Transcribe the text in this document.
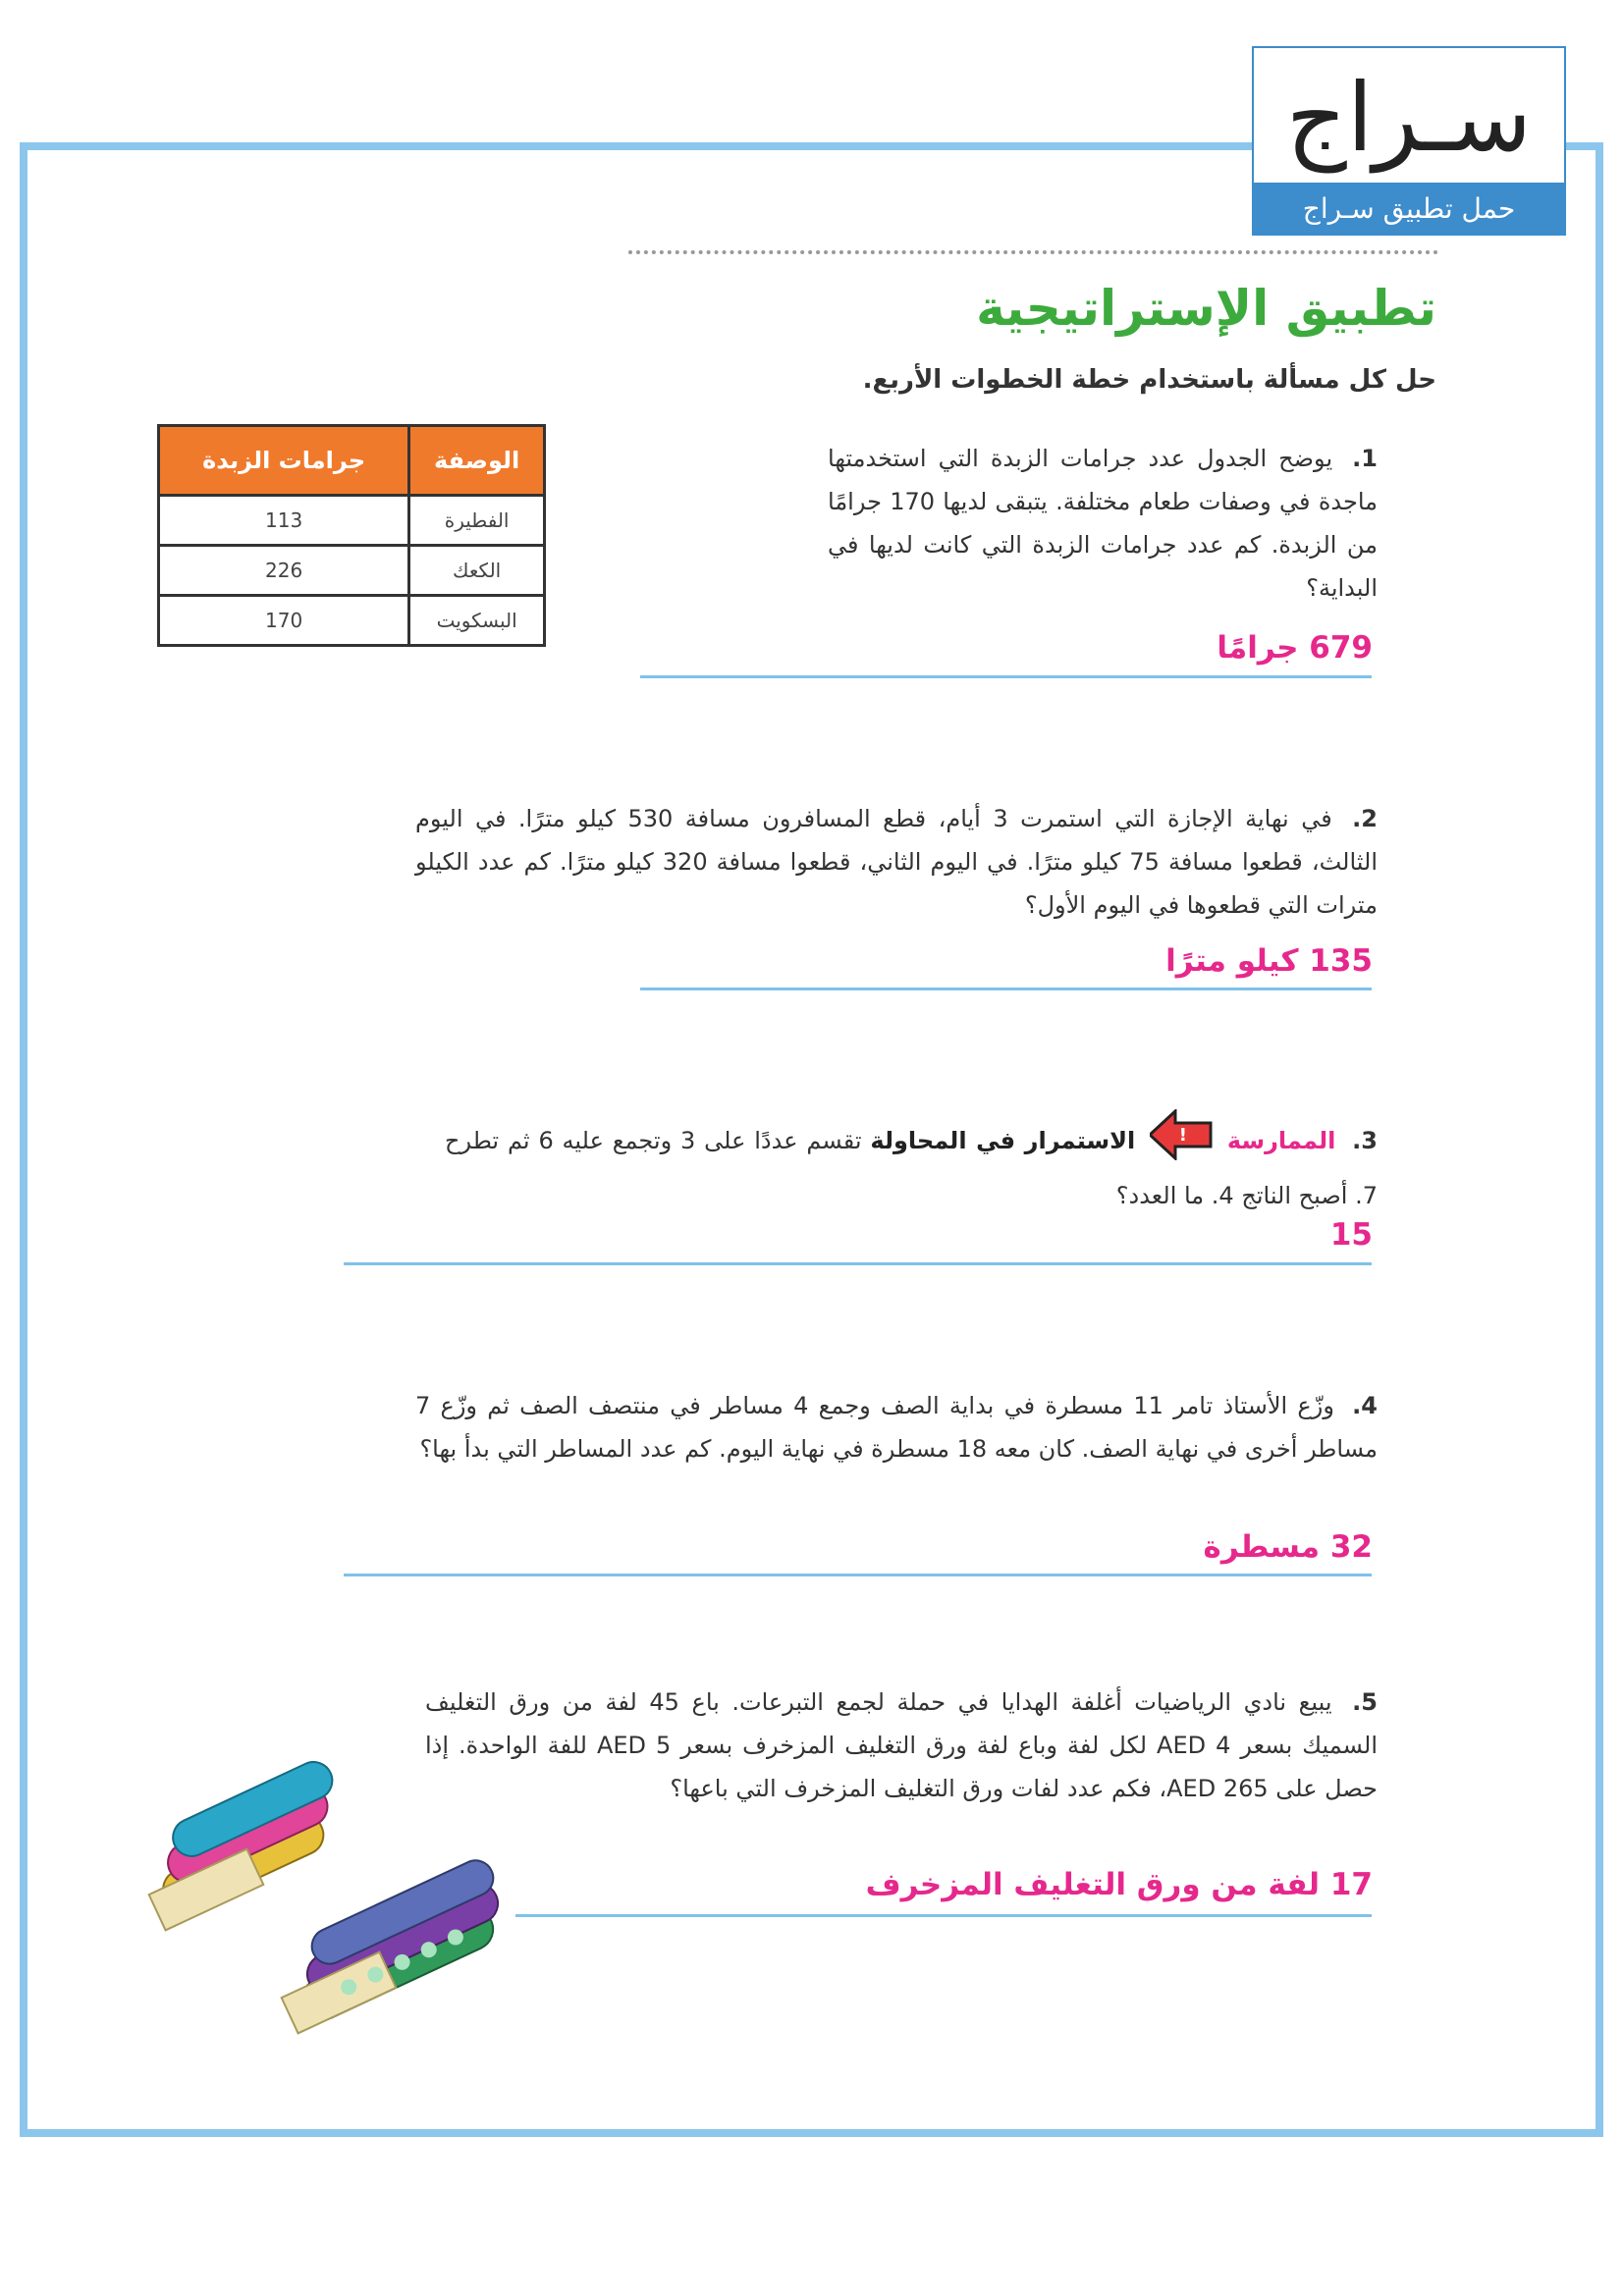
سـراج
حمل تطبيق سـراج
تطبيق الإستراتيجية
حل كل مسألة باستخدام خطة الخطوات الأربع.
الوصفة	جرامات الزبدة
الفطيرة	113
الكعك	226
البسكويت	170
1. يوضح الجدول عدد جرامات الزبدة التي استخدمتها ماجدة في وصفات طعام مختلفة. يتبقى لديها 170 جرامًا من الزبدة. كم عدد جرامات الزبدة التي كانت لديها في البداية؟
679 جرامًا
2. في نهاية الإجازة التي استمرت 3 أيام، قطع المسافرون مسافة 530 كيلو مترًا. في اليوم الثالث، قطعوا مسافة 75 كيلو مترًا. في اليوم الثاني، قطعوا مسافة 320 كيلو مترًا. كم عدد الكيلو مترات التي قطعوها في اليوم الأول؟
135 كيلو مترًا
3. الممارسة
!
الاستمرار في المحاولة تقسم عددًا على 3 وتجمع عليه 6 ثم تطرح 7. أصبح الناتج 4. ما العدد؟
15
4. وزّع الأستاذ تامر 11 مسطرة في بداية الصف وجمع 4 مساطر في منتصف الصف ثم وزّع 7 مساطر أخرى في نهاية الصف. كان معه 18 مسطرة في نهاية اليوم. كم عدد المساطر التي بدأ بها؟
32 مسطرة
5. يبيع نادي الرياضيات أغلفة الهدايا في حملة لجمع التبرعات. باع 45 لفة من ورق التغليف السميك بسعر 4 AED لكل لفة وباع لفة ورق التغليف المزخرف بسعر 5 AED للفة الواحدة. إذا حصل على 265 AED، فكم عدد لفات ورق التغليف المزخرف التي باعها؟
17 لفة من ورق التغليف المزخرف
